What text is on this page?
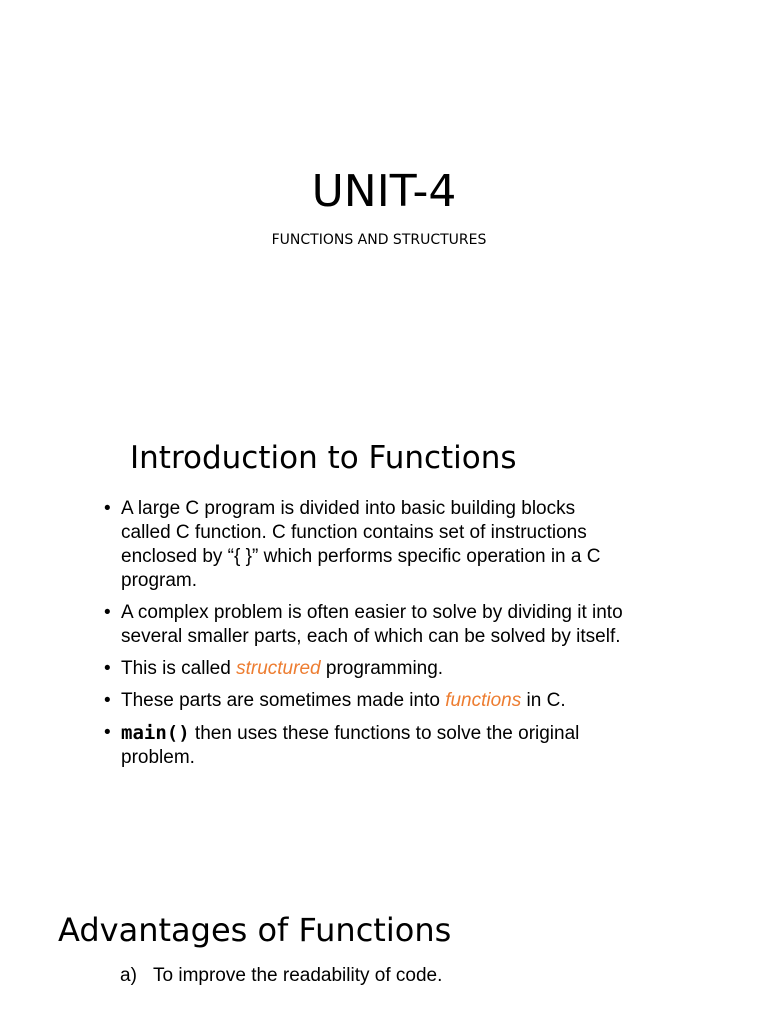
UNIT-4

FUNCTIONS AND STRUCTURES

Introduction to Functions
• A large C program is divided into basic building blocks called C function. C function contains set of instructions enclosed by “{ }” which performs specific operation in a C program.
• A complex problem is often easier to solve by dividing it into several smaller parts, each of which can be solved by itself.
• This is called structured programming.
• These parts are sometimes made into functions in C.
• main() then uses these functions to solve the original problem.
Advantages of Functions
a) To improve the readability of code.
